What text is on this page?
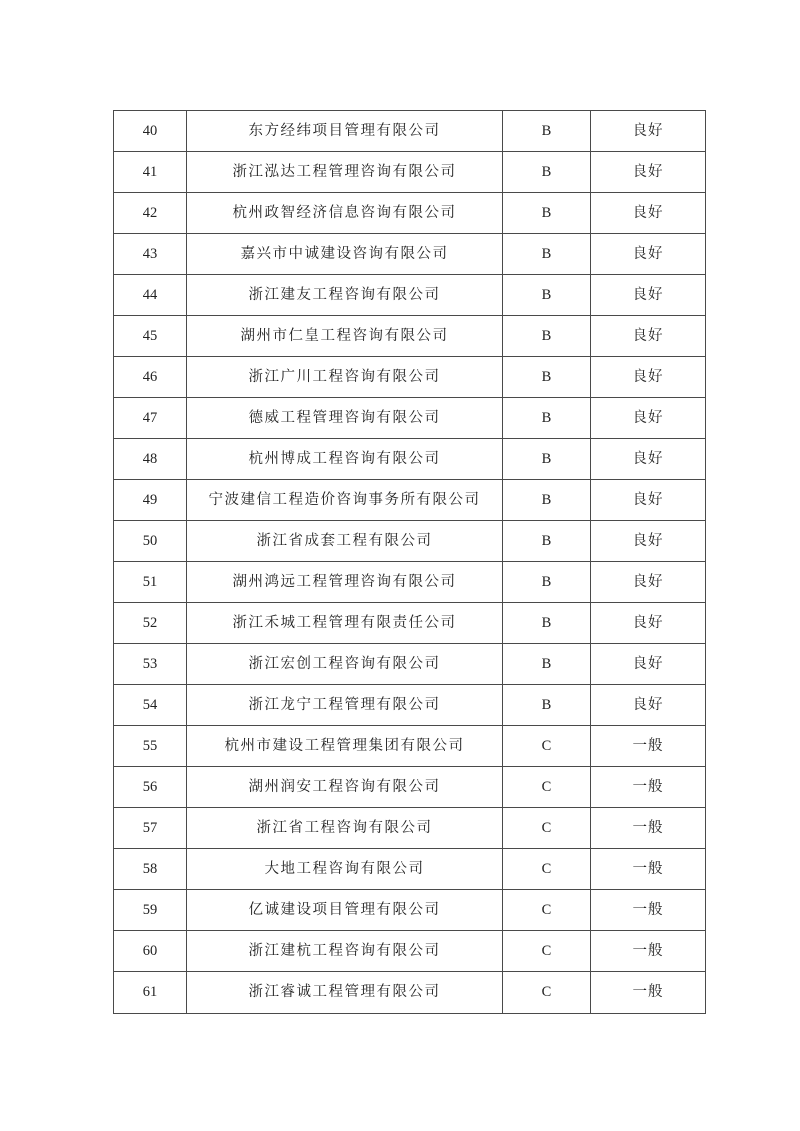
40	东方经纬项目管理有限公司	B	良好
41	浙江泓达工程管理咨询有限公司	B	良好
42	杭州政智经济信息咨询有限公司	B	良好
43	嘉兴市中诚建设咨询有限公司	B	良好
44	浙江建友工程咨询有限公司	B	良好
45	湖州市仁皇工程咨询有限公司	B	良好
46	浙江广川工程咨询有限公司	B	良好
47	德威工程管理咨询有限公司	B	良好
48	杭州博成工程咨询有限公司	B	良好
49	宁波建信工程造价咨询事务所有限公司	B	良好
50	浙江省成套工程有限公司	B	良好
51	湖州鸿远工程管理咨询有限公司	B	良好
52	浙江禾城工程管理有限责任公司	B	良好
53	浙江宏创工程咨询有限公司	B	良好
54	浙江龙宁工程管理有限公司	B	良好
55	杭州市建设工程管理集团有限公司	C	一般
56	湖州润安工程咨询有限公司	C	一般
57	浙江省工程咨询有限公司	C	一般
58	大地工程咨询有限公司	C	一般
59	亿诚建设项目管理有限公司	C	一般
60	浙江建杭工程咨询有限公司	C	一般
61	浙江睿诚工程管理有限公司	C	一般
